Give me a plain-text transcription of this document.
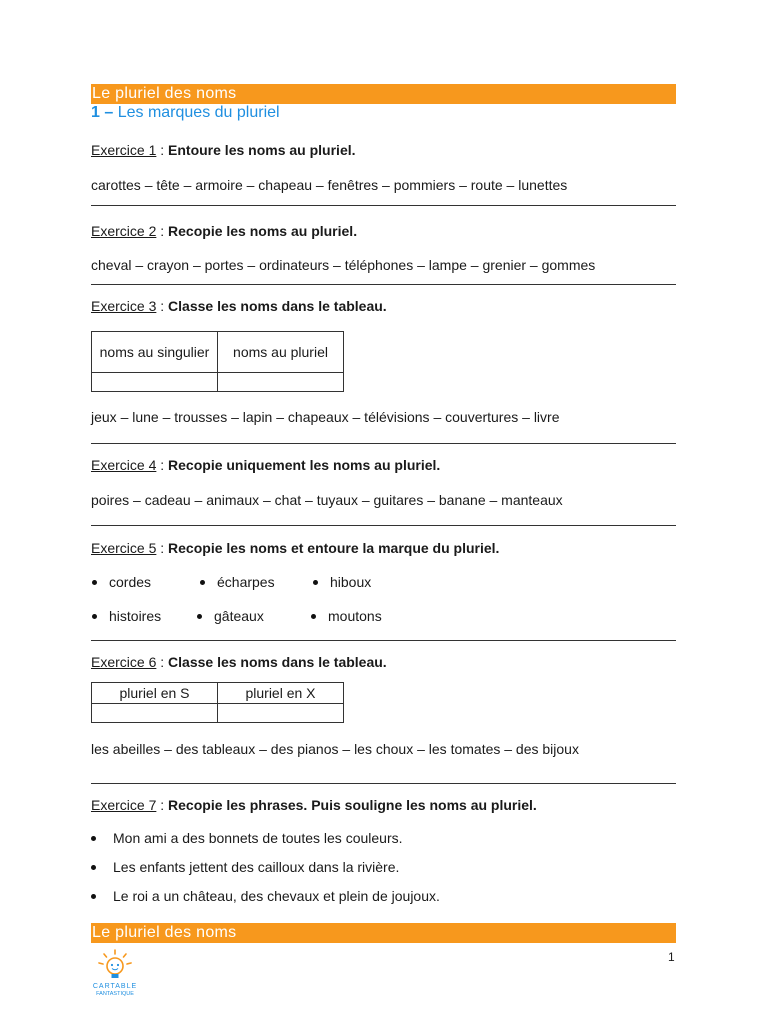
Le pluriel des noms
1 – Les marques du pluriel
Exercice 1 : Entoure les noms au pluriel.
carottes – tête – armoire – chapeau – fenêtres – pommiers – route – lunettes
Exercice 2 : Recopie les noms au pluriel.
cheval – crayon – portes – ordinateurs – téléphones – lampe – grenier – gommes
Exercice 3 : Classe les noms dans le tableau.
noms au singulier	noms au pluriel

jeux – lune – trousses – lapin – chapeaux – télévisions – couvertures – livre
Exercice 4 : Recopie uniquement les noms au pluriel.
poires – cadeau – animaux – chat – tuyaux – guitares – banane – manteaux
Exercice 5 : Recopie les noms et entoure la marque du pluriel.
cordes	écharpes	hiboux
histoires	gâteaux	moutons
Exercice 6 : Classe les noms dans le tableau.
pluriel en S	pluriel en X

les abeilles – des tableaux – des pianos – les choux – les tomates – des bijoux
Exercice 7 : Recopie les phrases. Puis souligne les noms au pluriel.
Mon ami a des bonnets de toutes les couleurs.
Les enfants jettent des cailloux dans la rivière.
Le roi a un château, des chevaux et plein de joujoux.
Le pluriel des noms
CARTABLE
FANTASTIQUE
1
